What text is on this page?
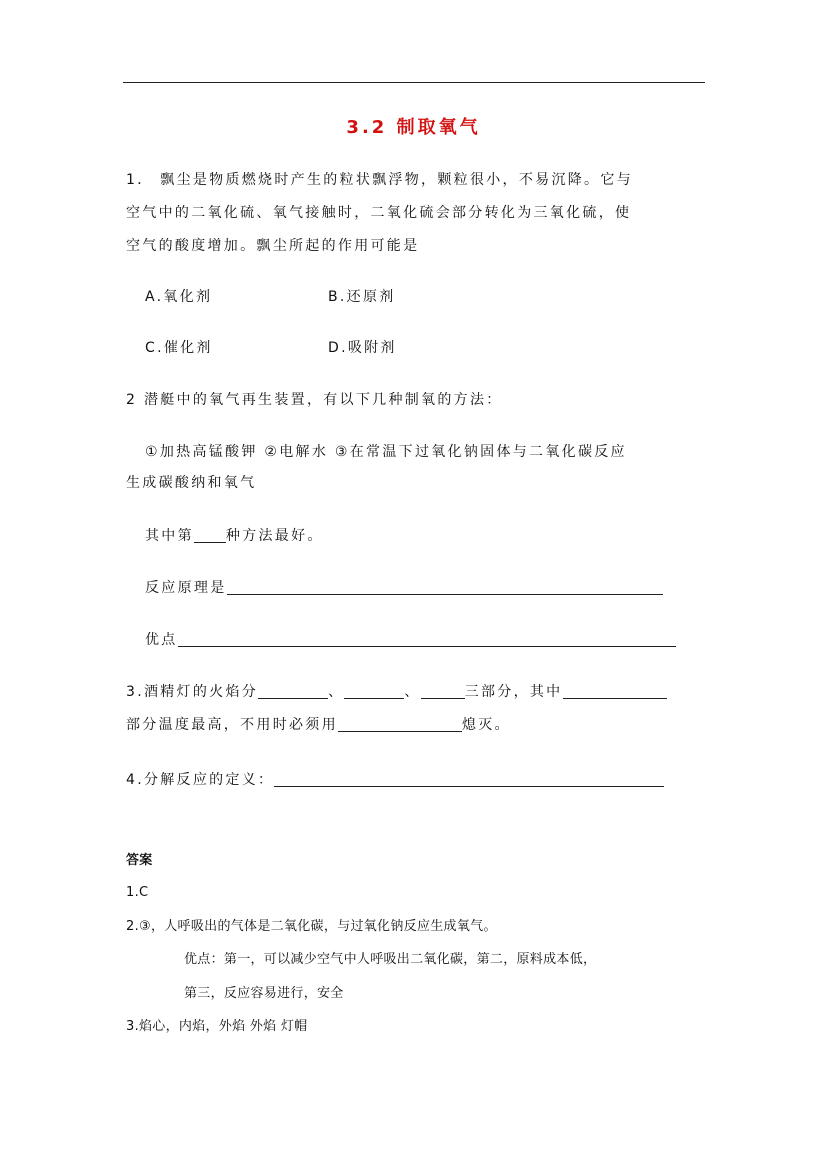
3.2 制取氧气
1． 飘尘是物质燃烧时产生的粒状飘浮物，颗粒很小，不易沉降。它与
空气中的二氧化硫、氧气接触时，二氧化硫会部分转化为三氧化硫，使
空气的酸度增加。飘尘所起的作用可能是
A.氧化剂	B.还原剂
C.催化剂	D.吸附剂
2 潜艇中的氧气再生装置，有以下几种制氧的方法：
①加热高锰酸钾 ②电解水 ③在常温下过氧化钠固体与二氧化碳反应
生成碳酸纳和氧气
其中第 种方法最好。
反应原理是
优点
3.酒精灯的火焰分	、	、	三部分，其中
部分温度最高，不用时必须用	熄灭。
4.分解反应的定义：
答案
1.C
2.③，人呼吸出的气体是二氧化碳，与过氧化钠反应生成氧气。
优点：第一，可以减少空气中人呼吸出二氧化碳，第二，原料成本低，
第三，反应容易进行，安全
3.焰心，内焰，外焰 外焰 灯帽
